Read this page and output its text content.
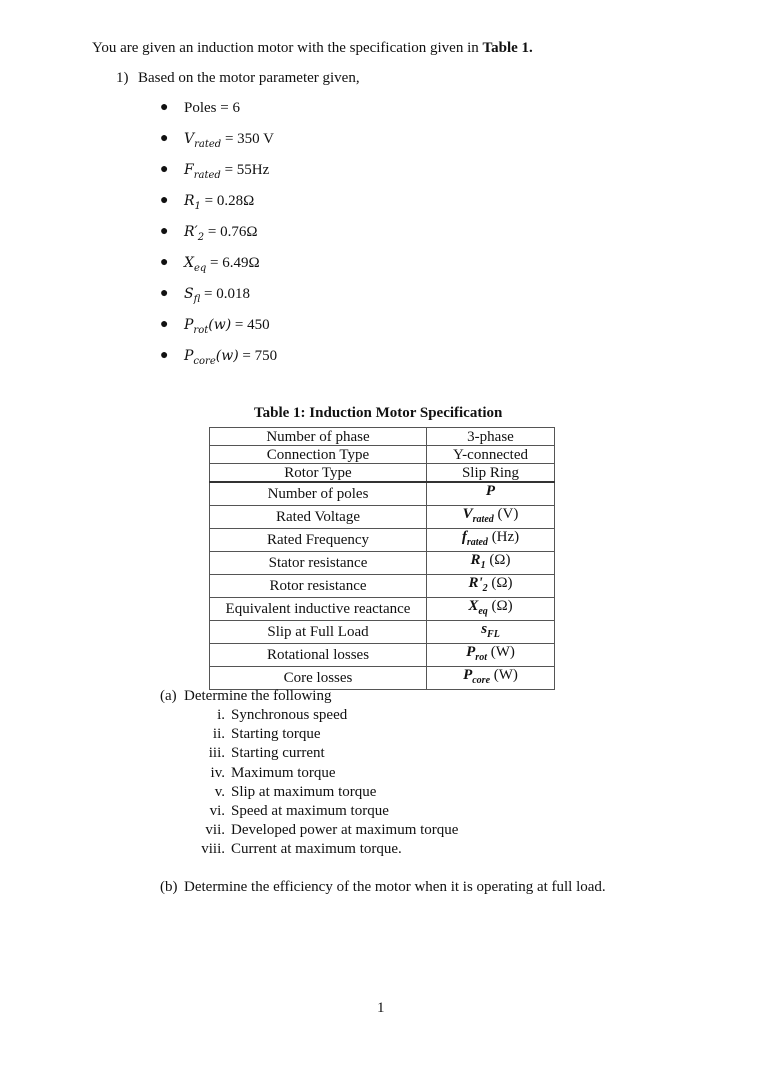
You are given an induction motor with the specification given in Table 1.
1) Based on the motor parameter given,
● Poles = 6
● $V_{rated} = 350$ V
● $F_{rated} = 55Hz$
● $R_1 = 0.28\Omega$
● $R'_2 = 0.76\Omega$
● $X_{eq} = 6.49\Omega$
● $S_{fl} = 0.018$
● $P_{rot}(w) = 450$
● $P_{core}(w) = 750$
Table 1: Induction Motor Specification
Number of phase	3-phase
Connection Type	Y-connected
Rotor Type	Slip Ring
Number of poles	P
Rated Voltage	$V_{rated}$ (V)
Rated Frequency	$f_{rated}$ (Hz)
Stator resistance	$R_1$ (Ω)
Rotor resistance	$R'_2$ (Ω)
Equivalent inductive reactance	$X_{eq}$ (Ω)
Slip at Full Load	$s_{FL}$
Rotational losses	$P_{rot}$ (W)
Core losses	$P_{core}$ (W)
(a) Determine the following
i. Synchronous speed
ii. Starting torque
iii. Starting current
iv. Maximum torque
v. Slip at maximum torque
vi. Speed at maximum torque
vii. Developed power at maximum torque
viii. Current at maximum torque.
(b) Determine the efficiency of the motor when it is operating at full load.
1
